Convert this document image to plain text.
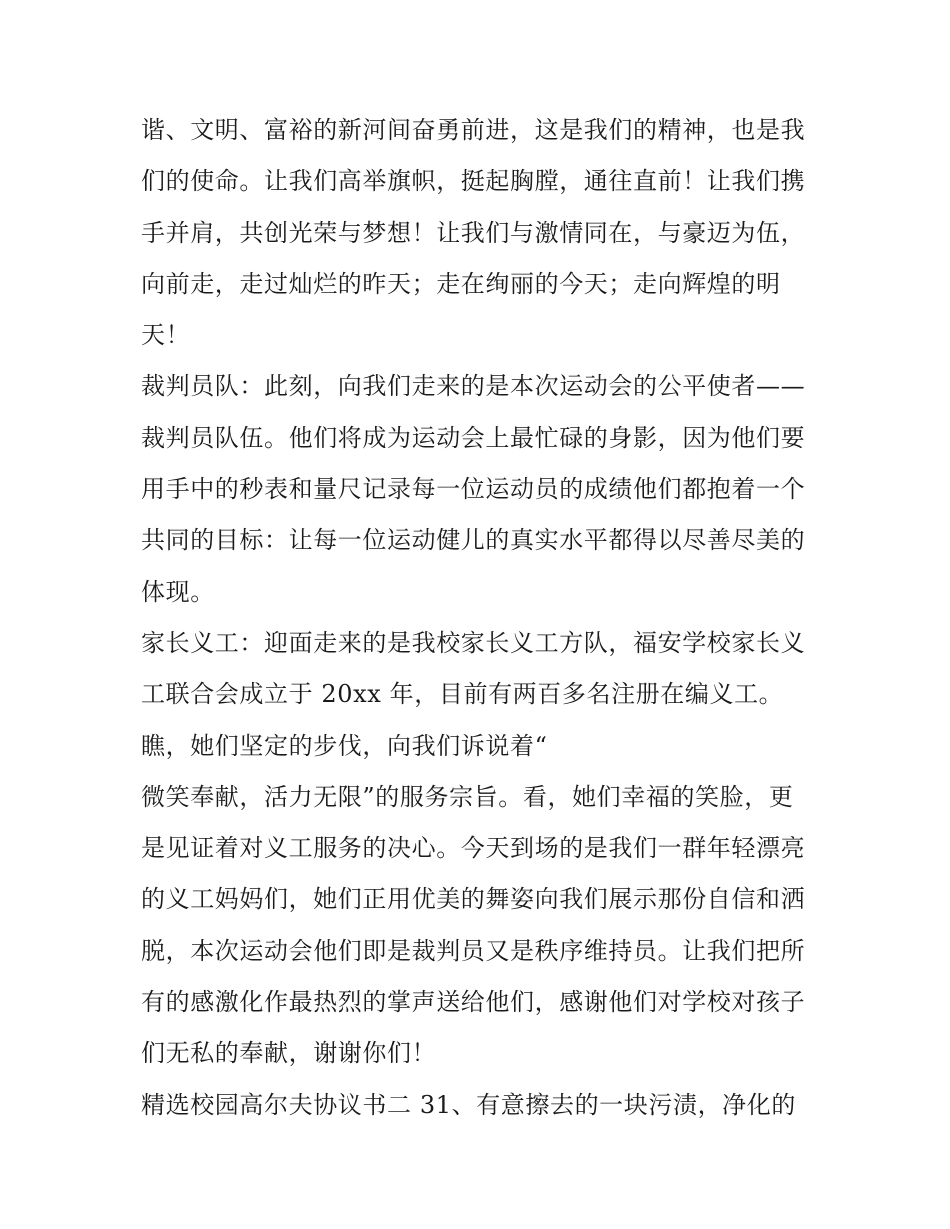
谐、文明、富裕的新河间奋勇前进，这是我们的精神，也是我
们的使命。让我们高举旗帜，挺起胸膛，通往直前！让我们携
手并肩，共创光荣与梦想！让我们与激情同在，与豪迈为伍，
向前走，走过灿烂的昨天；走在绚丽的今天；走向辉煌的明
天！
裁判员队：此刻，向我们走来的是本次运动会的公平使者——
裁判员队伍。他们将成为运动会上最忙碌的身影，因为他们要
用手中的秒表和量尺记录每一位运动员的成绩他们都抱着一个
共同的目标：让每一位运动健儿的真实水平都得以尽善尽美的
体现。
家长义工：迎面走来的是我校家长义工方队，福安学校家长义
工联合会成立于 20xx 年，目前有两百多名注册在编义工。
瞧，她们坚定的步伐，向我们诉说着“
微笑奉献，活力无限”的服务宗旨。看，她们幸福的笑脸，更
是见证着对义工服务的决心。今天到场的是我们一群年轻漂亮
的义工妈妈们，她们正用优美的舞姿向我们展示那份自信和洒
脱，本次运动会他们即是裁判员又是秩序维持员。让我们把所
有的感激化作最热烈的掌声送给他们，感谢他们对学校对孩子
们无私的奉献，谢谢你们！
精选校园高尔夫协议书二 31、有意擦去的一块污渍，净化的
